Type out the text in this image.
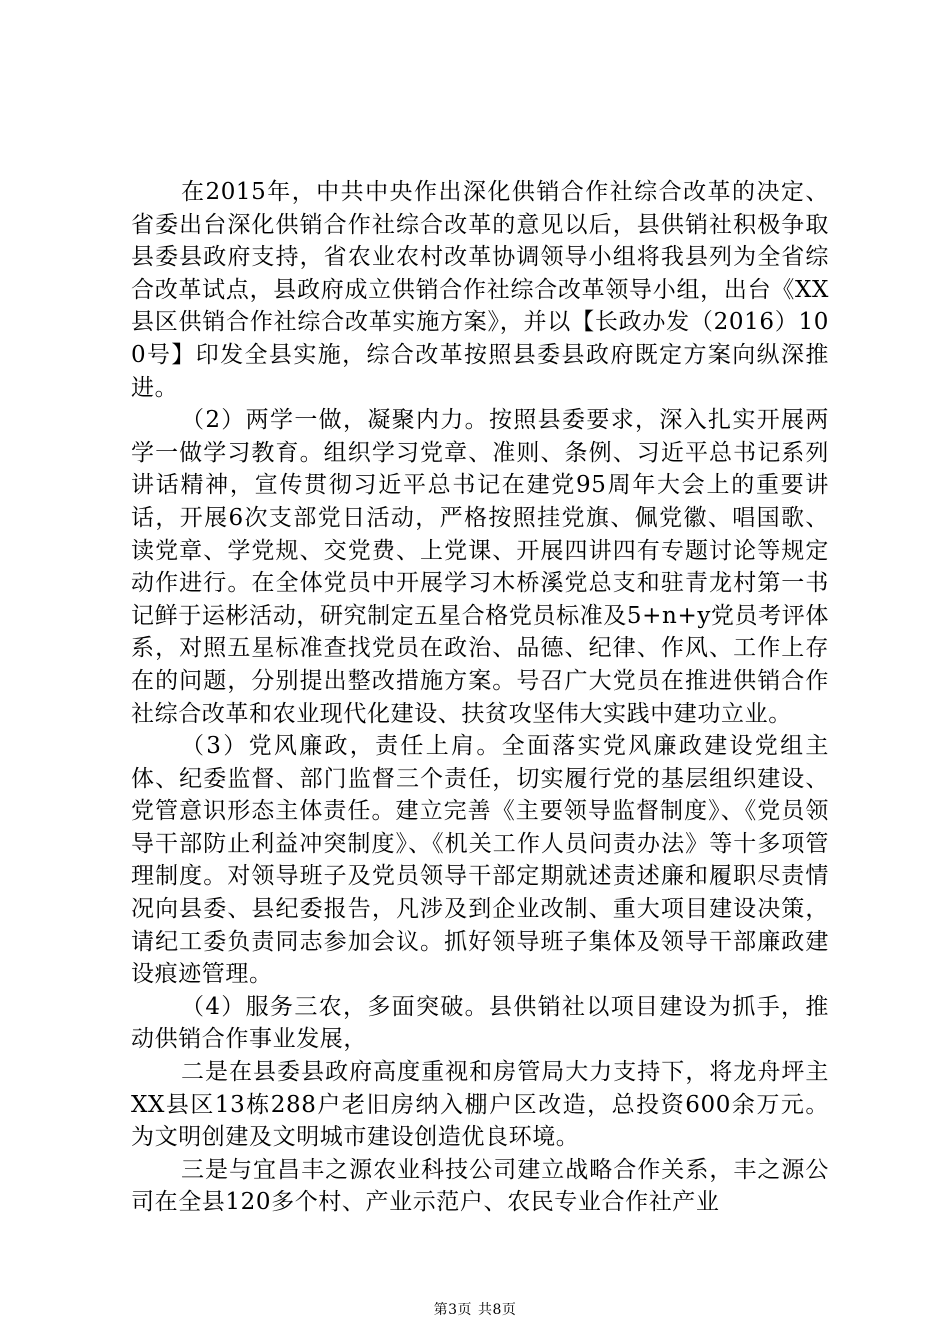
在2015年，中共中央作出深化供销合作社综合改革的决定、省委出台深化供销合作社综合改革的意见以后，县供销社积极争取县委县政府支持，省农业农村改革协调领导小组将我县列为全省综合改革试点，县政府成立供销合作社综合改革领导小组，出台《XX县区供销合作社综合改革实施方案》，并以【长政办发（2016）100号】印发全县实施，综合改革按照县委县政府既定方案向纵深推进。

（2）两学一做，凝聚内力。按照县委要求，深入扎实开展两学一做学习教育。组织学习党章、准则、条例、习近平总书记系列讲话精神，宣传贯彻习近平总书记在建党95周年大会上的重要讲话，开展6次支部党日活动，严格按照挂党旗、佩党徽、唱国歌、读党章、学党规、交党费、上党课、开展四讲四有专题讨论等规定动作进行。在全体党员中开展学习木桥溪党总支和驻青龙村第一书记鲜于运彬活动，研究制定五星合格党员标准及5+n+y党员考评体系，对照五星标准查找党员在政治、品德、纪律、作风、工作上存在的问题，分别提出整改措施方案。号召广大党员在推进供销合作社综合改革和农业现代化建设、扶贫攻坚伟大实践中建功立业。

（3）党风廉政，责任上肩。全面落实党风廉政建设党组主体、纪委监督、部门监督三个责任，切实履行党的基层组织建设、党管意识形态主体责任。建立完善《主要领导监督制度》、《党员领导干部防止利益冲突制度》、《机关工作人员问责办法》等十多项管理制度。对领导班子及党员领导干部定期就述责述廉和履职尽责情况向县委、县纪委报告，凡涉及到企业改制、重大项目建设决策，请纪工委负责同志参加会议。抓好领导班子集体及领导干部廉政建设痕迹管理。

（4）服务三农，多面突破。县供销社以项目建设为抓手，推动供销合作事业发展，

二是在县委县政府高度重视和房管局大力支持下，将龙舟坪主XX县区13栋288户老旧房纳入棚户区改造，总投资600余万元。为文明创建及文明城市建设创造优良环境。

三是与宜昌丰之源农业科技公司建立战略合作关系，丰之源公司在全县120多个村、产业示范户、农民专业合作社产业

第3页 共8页
